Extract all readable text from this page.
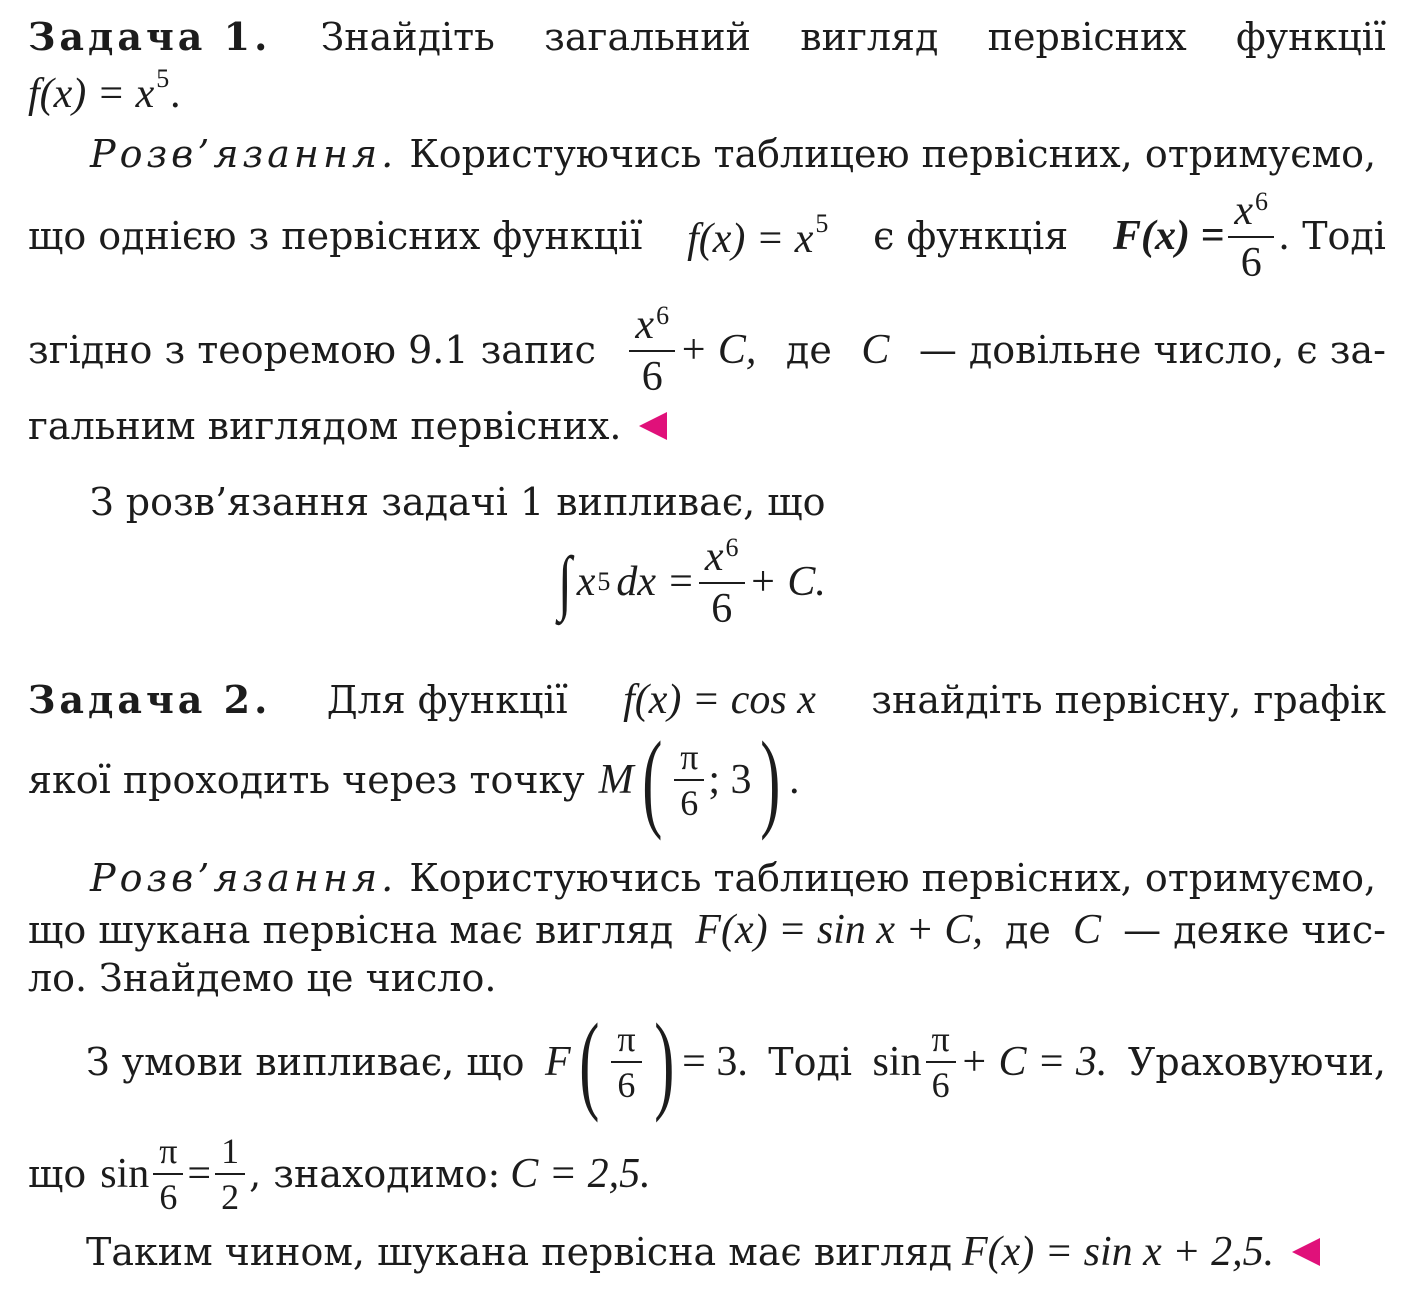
Задача 1. Знайдіть загальний вигляд первісних функції
$f(x) = x^5$.
Розв’язання. Користуючись таблицею первісних, отримуємо,
що однією з первісних функції $f(x) = x^5$ є функція $F(x) = \frac{x^6}{6}$ . Тоді
згідно з теоремою 9.1 запис $\frac{x^6}{6} + C$, де C — довільне число, є за-
гальним виглядом первісних.
З розв’язання задачі 1 випливає, що
∫ x 5 dx = $\frac{x^6}{6} + C$.
Задача 2. Для функції f(x) = cos x знайдіть первісну, графік
якої проходить через точку M ( $\frac{\pi}{6}$ ; 3 ) .
Розв’язання. Користуючись таблицею первісних, отримуємо,
що шукана первісна має вигляд F(x) = sin x + C, де C — деяке чис-
ло. Знайдемо це число.
З умови випливає, що F ( $\frac{\pi}{6}$ ) = 3. Тоді $\sin \frac{\pi}{6} + C = 3$. Ураховуючи,
що $\sin \frac{\pi}{6} = \frac{1}{2}$ , знаходимо: C = 2,5.
Таким чином, шукана первісна має вигляд F(x) = sin x + 2,5.
